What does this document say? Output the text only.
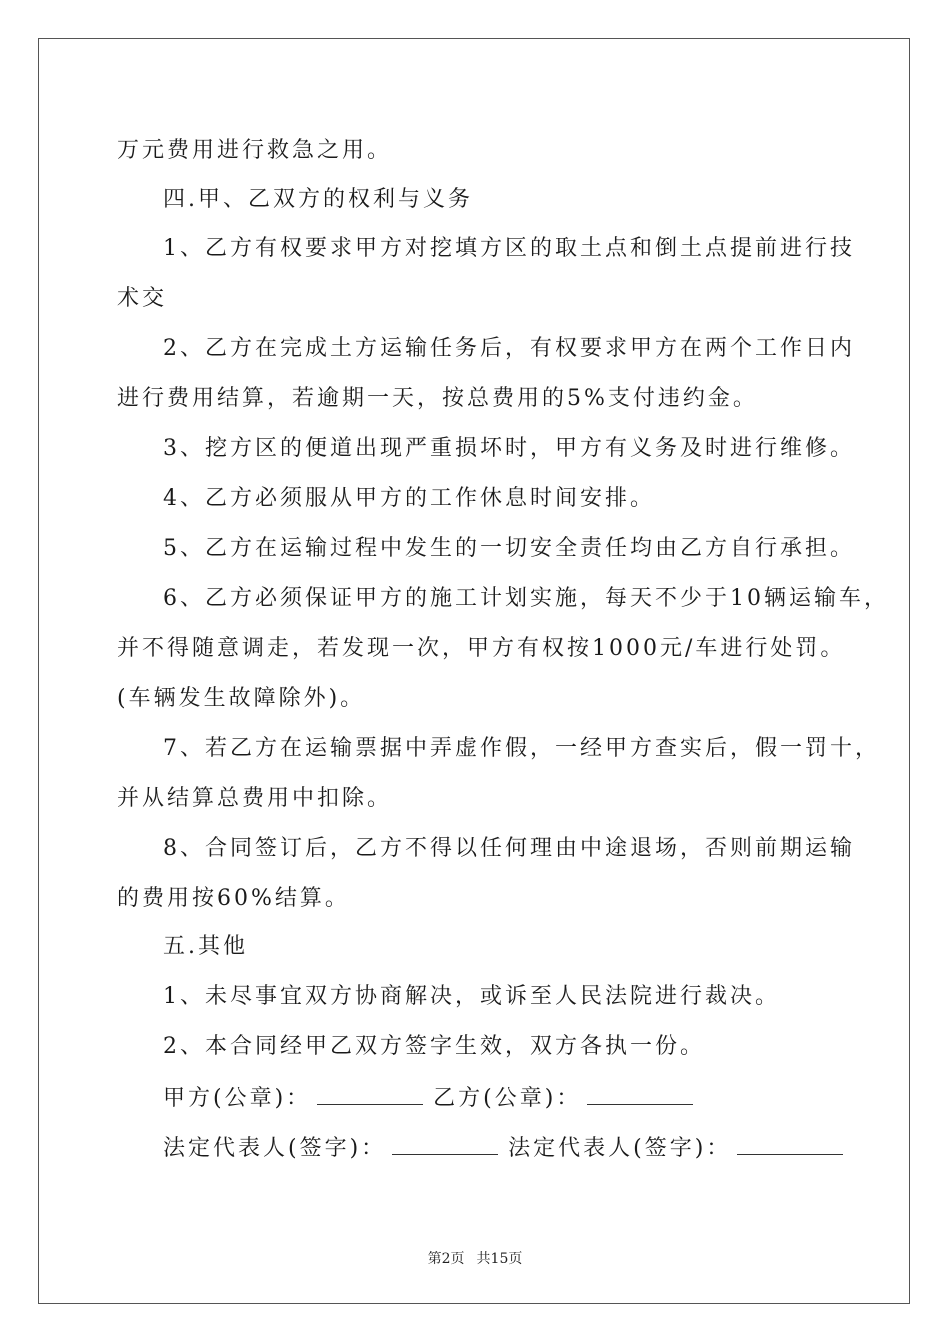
万元费用进行救急之用。
四.甲、乙双方的权利与义务
1、乙方有权要求甲方对挖填方区的取土点和倒土点提前进行技
术交
2、乙方在完成土方运输任务后，有权要求甲方在两个工作日内
进行费用结算，若逾期一天，按总费用的5%支付违约金。
3、挖方区的便道出现严重损坏时，甲方有义务及时进行维修。
4、乙方必须服从甲方的工作休息时间安排。
5、乙方在运输过程中发生的一切安全责任均由乙方自行承担。
6、乙方必须保证甲方的施工计划实施，每天不少于10辆运输车，
并不得随意调走，若发现一次，甲方有权按1000元/车进行处罚。
(车辆发生故障除外)。
7、若乙方在运输票据中弄虚作假，一经甲方查实后，假一罚十，
并从结算总费用中扣除。
8、合同签订后，乙方不得以任何理由中途退场，否则前期运输
的费用按60%结算。
五.其他
1、未尽事宜双方协商解决，或诉至人民法院进行裁决。
2、本合同经甲乙双方签字生效，双方各执一份。
甲方(公章)：	乙方(公章)：
法定代表人(签字)：	法定代表人(签字)：
第2页 共15页
